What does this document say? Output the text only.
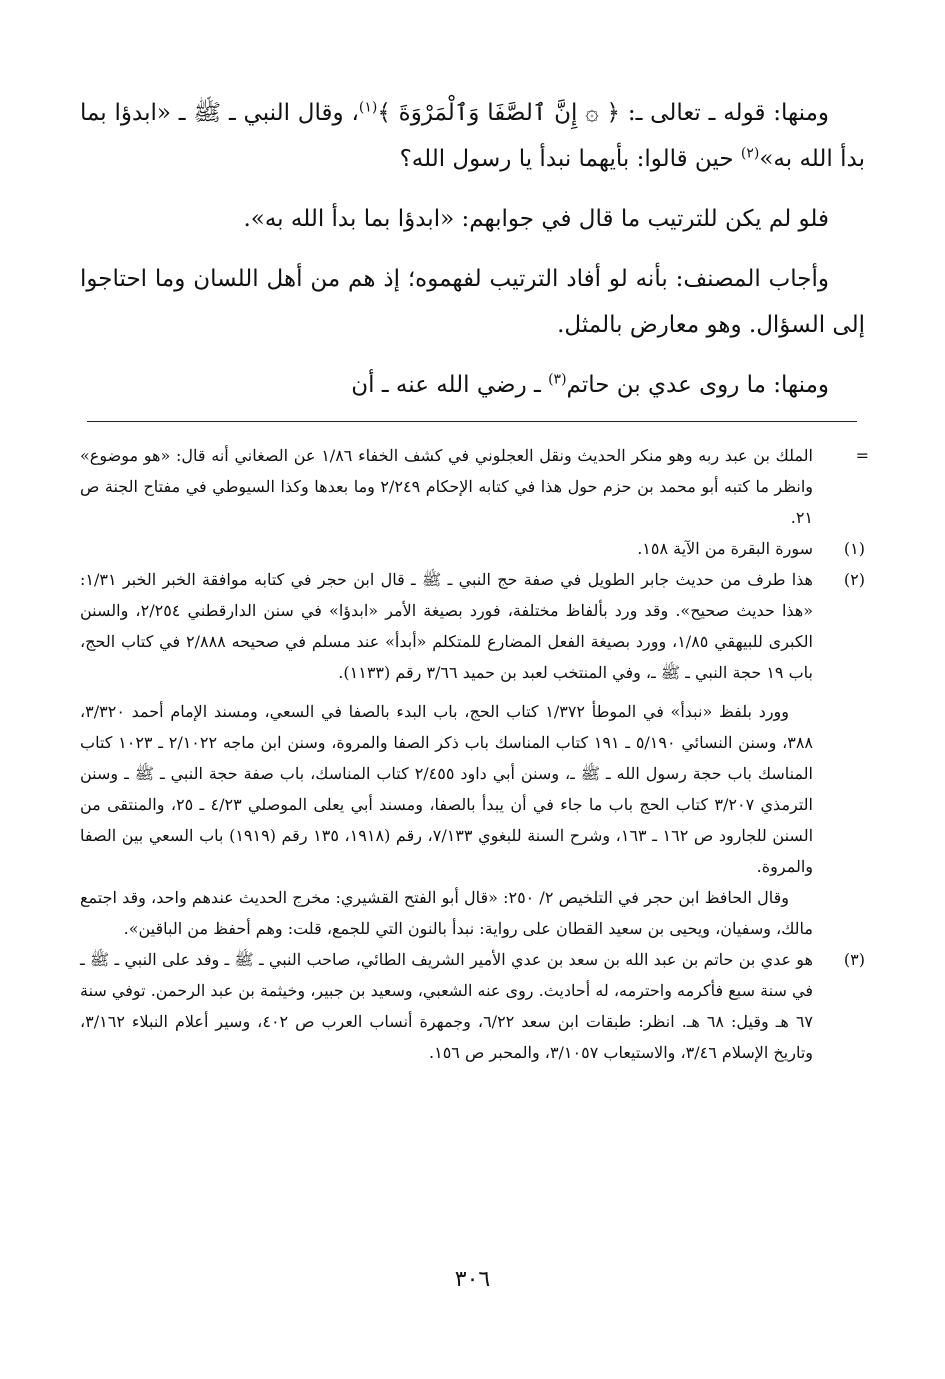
ومنها: قوله ـ تعالى ـ: ﴿ ۞ إِنَّ ٱلصَّفَا وَٱلْمَرْوَةَ ﴾$^{(١)}$، وقال النبي ـ ﷺ ـ «ابدؤا بما بدأ الله به»$^{(٢)}$ حين قالوا: بأيهما نبدأ يا رسول الله؟

فلو لم يكن للترتيب ما قال في جوابهم: «ابدؤا بما بدأ الله به».

وأجاب المصنف: بأنه لو أفاد الترتيب لفهموه؛ إذ هم من أهل اللسان وما احتاجوا إلى السؤال. وهو معارض بالمثل.

ومنها: ما روى عدي بن حاتم$^{(٣)}$ ـ رضي الله عنه ـ أن

=
الملك بن عبد ربه وهو منكر الحديث ونقل العجلوني في كشف الخفاء ١/٨٦ عن الصغاني أنه قال: «هو موضوع» وانظر ما كتبه أبو محمد بن حزم حول هذا في كتابه الإحكام ٢/٢٤٩ وما بعدها وكذا السيوطي في مفتاح الجنة ص ٢١.

(١)
سورة البقرة من الآية ١٥٨.

(٢)
هذا طرف من حديث جابر الطويل في صفة حج النبي ـ ﷺ ـ قال ابن حجر في كتابه موافقة الخبر الخبر ١/٣١: «هذا حديث صحيح». وقد ورد بألفاظ مختلفة، فورد بصيغة الأمر «ابدؤا» في سنن الدارقطني ٢/٢٥٤، والسنن الكبرى للبيهقي ١/٨٥، وورد بصيغة الفعل المضارع للمتكلم «أبدأ» عند مسلم في صحيحه ٢/٨٨٨ في كتاب الحج، باب ١٩ حجة النبي ـ ﷺ ـ، وفي المنتخب لعبد بن حميد ٣/٦٦ رقم (١١٣٣).

وورد بلفظ «نبدأ» في الموطأ ١/٣٧٢ كتاب الحج، باب البدء بالصفا في السعي، ومسند الإمام أحمد ٣/٣٢٠، ٣٨٨، وسنن النسائي ٥/١٩٠ ـ ١٩١ كتاب المناسك باب ذكر الصفا والمروة، وسنن ابن ماجه ٢/١٠٢٢ ـ ١٠٢٣ كتاب المناسك باب حجة رسول الله ـ ﷺ ـ، وسنن أبي داود ٢/٤٥٥ كتاب المناسك، باب صفة حجة النبي ـ ﷺ ـ وسنن الترمذي ٣/٢٠٧ كتاب الحج باب ما جاء في أن يبدأ بالصفا، ومسند أبي يعلى الموصلي ٤/٢٣ ـ ٢٥، والمنتقى من السنن للجارود ص ١٦٢ ـ ١٦٣، وشرح السنة للبغوي ٧/١٣٣، رقم (١٩١٨، ١٣٥ رقم (١٩١٩) باب السعي بين الصفا والمروة.

وقال الحافظ ابن حجر في التلخيص ٢/ ٢٥٠: «قال أبو الفتح القشيري: مخرج الحديث عندهم واحد، وقد اجتمع مالك، وسفيان، ويحيى بن سعيد القطان على رواية: نبدأ بالنون التي للجمع، قلت: وهم أحفظ من الباقين».

(٣)
هو عدي بن حاتم بن عبد الله بن سعد بن عدي الأمير الشريف الطائي، صاحب النبي ـ ﷺ ـ وفد على النبي ـ ﷺ ـ في سنة سبع فأكرمه واحترمه، له أحاديث. روى عنه الشعبي، وسعيد بن جبير، وخيثمة بن عبد الرحمن. توفي سنة ٦٧ هـ وقيل: ٦٨ هـ. انظر: طبقات ابن سعد ٦/٢٢، وجمهرة أنساب العرب ص ٤٠٢، وسير أعلام النبلاء ٣/١٦٢، وتاريخ الإسلام ٣/٤٦، والاستيعاب ٣/١٠٥٧، والمحبر ص ١٥٦.

٣٠٦
